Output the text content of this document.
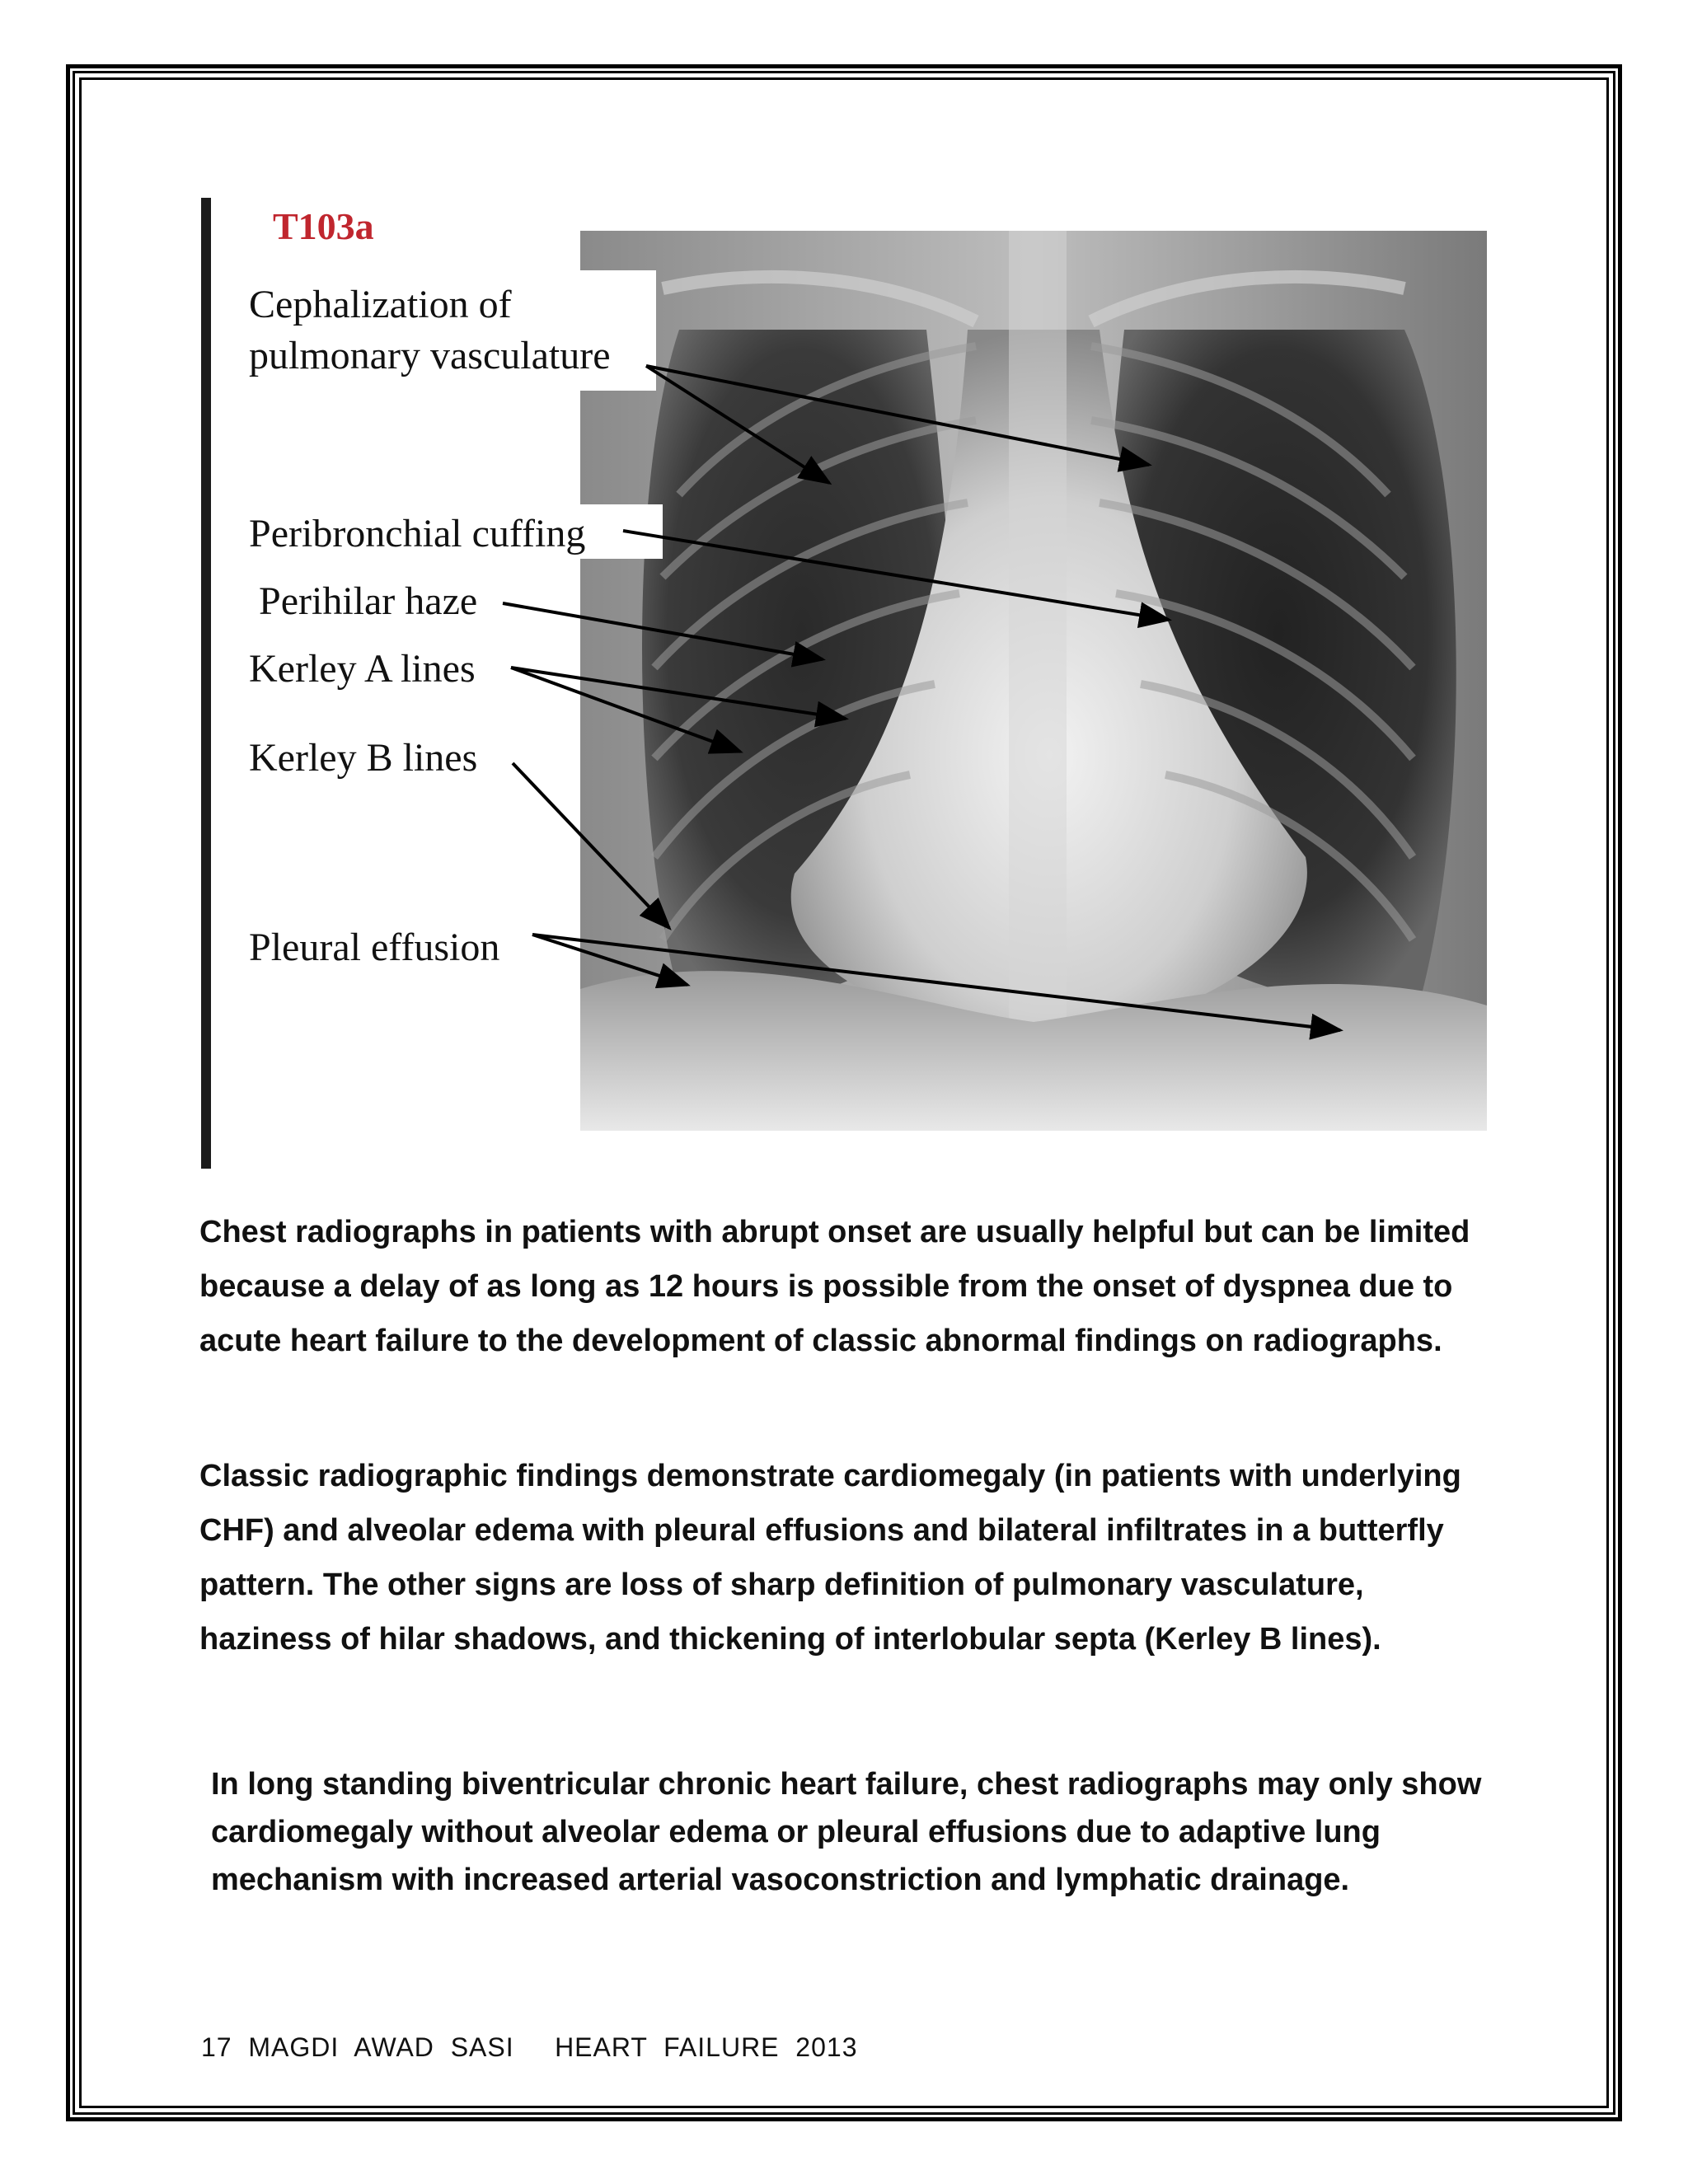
T103a
Cephalization of
pulmonary vasculature
Peribronchial cuffing
Perihilar haze
Kerley A lines
Kerley B lines
Pleural effusion
Chest radiographs in patients with abrupt onset are usually helpful but can be limited because a delay of as long as 12 hours is possible from the onset of dyspnea due to acute heart failure to the development of classic abnormal findings on radiographs.
Classic radiographic findings demonstrate cardiomegaly (in patients with underlying CHF) and alveolar edema with pleural effusions and bilateral infiltrates in a butterfly pattern. The other signs are loss of sharp definition of pulmonary vasculature, haziness of hilar shadows, and thickening of interlobular septa (Kerley B lines).
In long standing biventricular chronic heart failure, chest radiographs may only show cardiomegaly without alveolar edema or pleural effusions due to adaptive lung mechanism with increased arterial vasoconstriction and lymphatic drainage.
17  MAGDI  AWAD  SASI     HEART  FAILURE  2013
